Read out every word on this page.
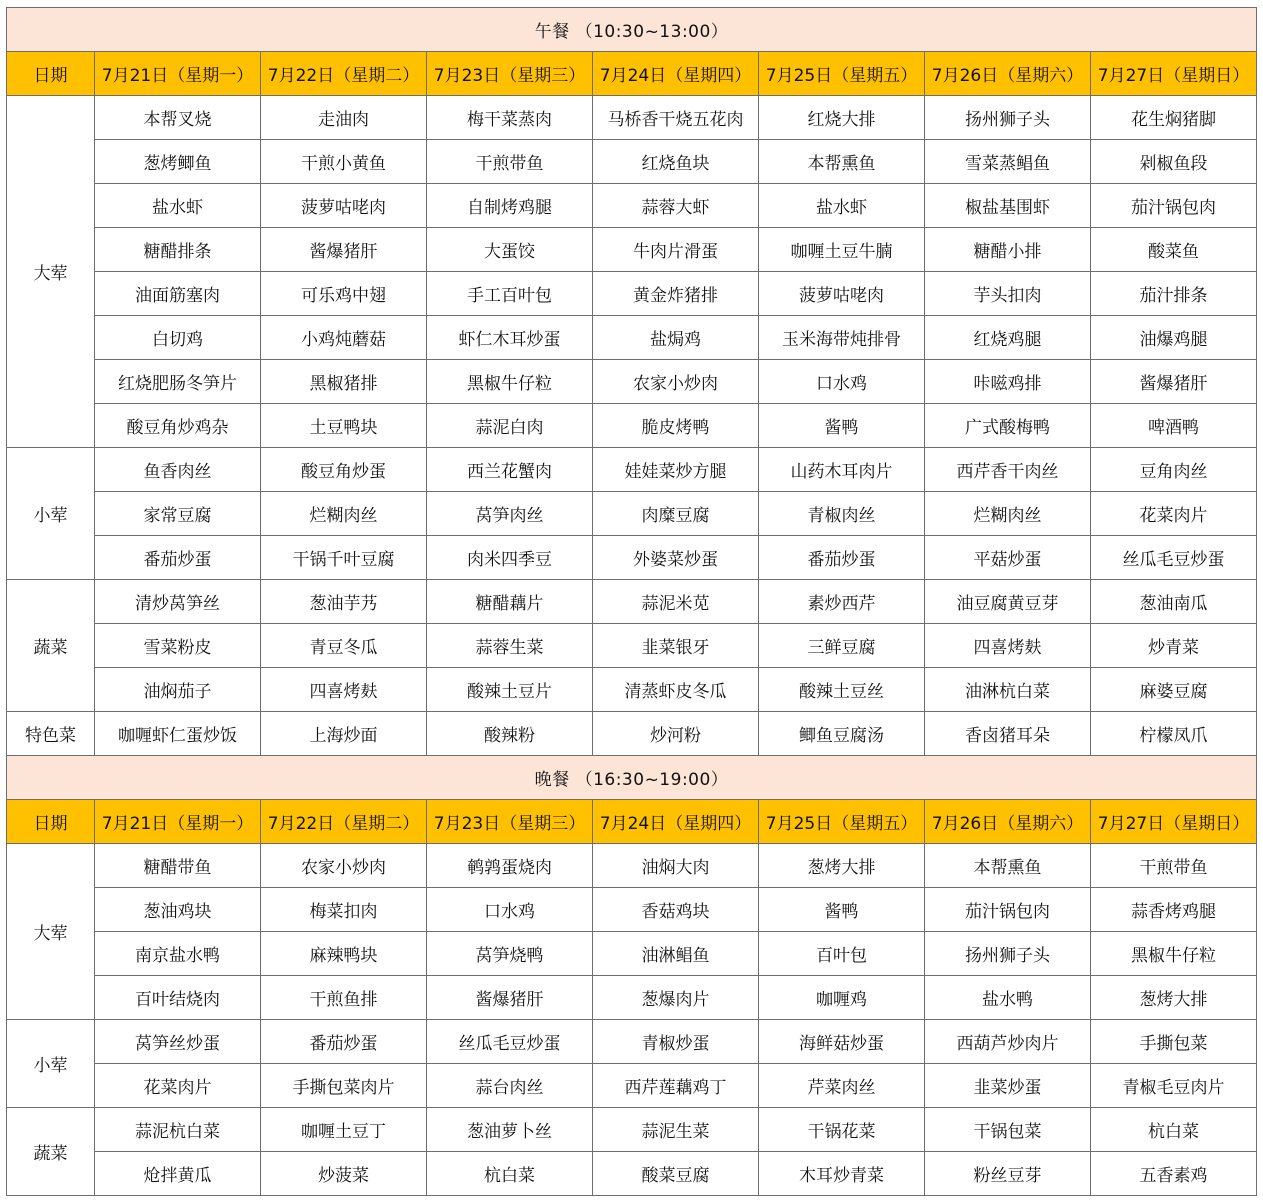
午餐 （10:30~13:00）							
日期	7月21日（星期一）	7月22日（星期二）	7月23日（星期三）	7月24日（星期四）	7月25日（星期五）	7月26日（星期六）	7月27日（星期日）
大荤	本帮叉烧	走油肉	梅干菜蒸肉	马桥香干烧五花肉	红烧大排	扬州狮子头	花生焖猪脚
	葱烤鲫鱼	干煎小黄鱼	干煎带鱼	红烧鱼块	本帮熏鱼	雪菜蒸鲳鱼	剁椒鱼段
	盐水虾	菠萝咕咾肉	自制烤鸡腿	蒜蓉大虾	盐水虾	椒盐基围虾	茄汁锅包肉
	糖醋排条	酱爆猪肝	大蛋饺	牛肉片滑蛋	咖喱土豆牛腩	糖醋小排	酸菜鱼
	油面筋塞肉	可乐鸡中翅	手工百叶包	黄金炸猪排	菠萝咕咾肉	芋头扣肉	茄汁排条
	白切鸡	小鸡炖蘑菇	虾仁木耳炒蛋	盐焗鸡	玉米海带炖排骨	红烧鸡腿	油爆鸡腿
	红烧肥肠冬笋片	黑椒猪排	黑椒牛仔粒	农家小炒肉	口水鸡	咔嗞鸡排	酱爆猪肝
	酸豆角炒鸡杂	土豆鸭块	蒜泥白肉	脆皮烤鸭	酱鸭	广式酸梅鸭	啤酒鸭
小荤	鱼香肉丝	酸豆角炒蛋	西兰花蟹肉	娃娃菜炒方腿	山药木耳肉片	西芹香干肉丝	豆角肉丝
	家常豆腐	烂糊肉丝	莴笋肉丝	肉糜豆腐	青椒肉丝	烂糊肉丝	花菜肉片
	番茄炒蛋	干锅千叶豆腐	肉米四季豆	外婆菜炒蛋	番茄炒蛋	平菇炒蛋	丝瓜毛豆炒蛋
蔬菜	清炒莴笋丝	葱油芋艿	糖醋藕片	蒜泥米苋	素炒西芹	油豆腐黄豆芽	葱油南瓜
	雪菜粉皮	青豆冬瓜	蒜蓉生菜	韭菜银牙	三鲜豆腐	四喜烤麸	炒青菜
	油焖茄子	四喜烤麸	酸辣土豆片	清蒸虾皮冬瓜	酸辣土豆丝	油淋杭白菜	麻婆豆腐
特色菜	咖喱虾仁蛋炒饭	上海炒面	酸辣粉	炒河粉	鲫鱼豆腐汤	香卤猪耳朵	柠檬凤爪
晚餐 （16:30~19:00）							
日期	7月21日（星期一）	7月22日（星期二）	7月23日（星期三）	7月24日（星期四）	7月25日（星期五）	7月26日（星期六）	7月27日（星期日）
大荤	糖醋带鱼	农家小炒肉	鹌鹑蛋烧肉	油焖大肉	葱烤大排	本帮熏鱼	干煎带鱼
	葱油鸡块	梅菜扣肉	口水鸡	香菇鸡块	酱鸭	茄汁锅包肉	蒜香烤鸡腿
	南京盐水鸭	麻辣鸭块	莴笋烧鸭	油淋鲳鱼	百叶包	扬州狮子头	黑椒牛仔粒
	百叶结烧肉	干煎鱼排	酱爆猪肝	葱爆肉片	咖喱鸡	盐水鸭	葱烤大排
小荤	莴笋丝炒蛋	番茄炒蛋	丝瓜毛豆炒蛋	青椒炒蛋	海鲜菇炒蛋	西葫芦炒肉片	手撕包菜
	花菜肉片	手撕包菜肉片	蒜台肉丝	西芹莲藕鸡丁	芹菜肉丝	韭菜炒蛋	青椒毛豆肉片
蔬菜	蒜泥杭白菜	咖喱土豆丁	葱油萝卜丝	蒜泥生菜	干锅花菜	干锅包菜	杭白菜
	炝拌黄瓜	炒菠菜	杭白菜	酸菜豆腐	木耳炒青菜	粉丝豆芽	五香素鸡
